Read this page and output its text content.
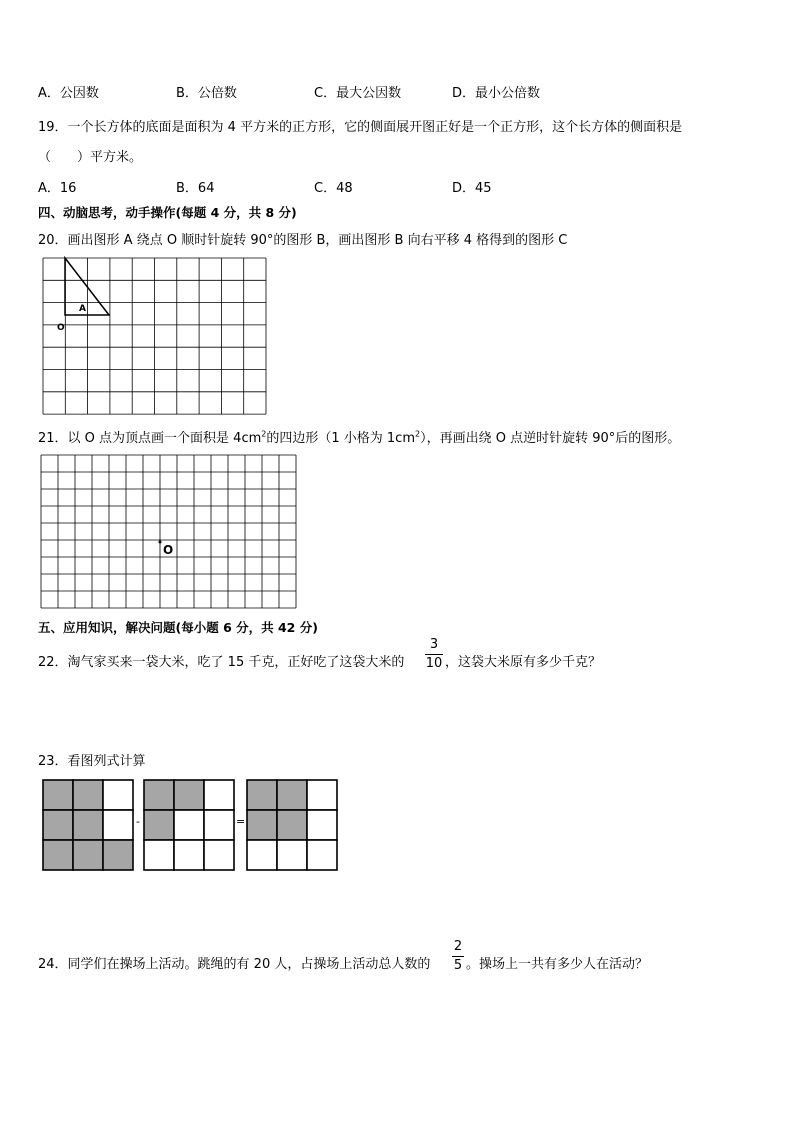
A．公因数	B．公倍数	C．最大公因数	D．最小公倍数
19．一个长方体的底面是面积为 4 平方米的正方形，它的侧面展开图正好是一个正方形，这个长方体的侧面积是
（　　）平方米。
A．16	B．64	C．48	D．45
四、动脑思考，动手操作(每题 4 分，共 8 分)
20．画出图形 A 绕点 O 顺时针旋转 90°的图形 B，画出图形 B 向右平移 4 格得到的图形 C
A
O
21．以 O 点为顶点画一个面积是 $4cm^2$的四边形（1 小格为 $1cm^2$），再画出绕 O 点逆时针旋转 90°后的图形。
O
五、应用知识，解决问题(每小题 6 分，共 42 分)
22．淘气家买来一袋大米，吃了 15 千克，正好吃了这袋大米的
3
10 ，这袋大米原有多少千克？
23．看图列式计算
-	=
24．同学们在操场上活动。跳绳的有 20 人，占操场上活动总人数的
2
5 。操场上一共有多少人在活动？
